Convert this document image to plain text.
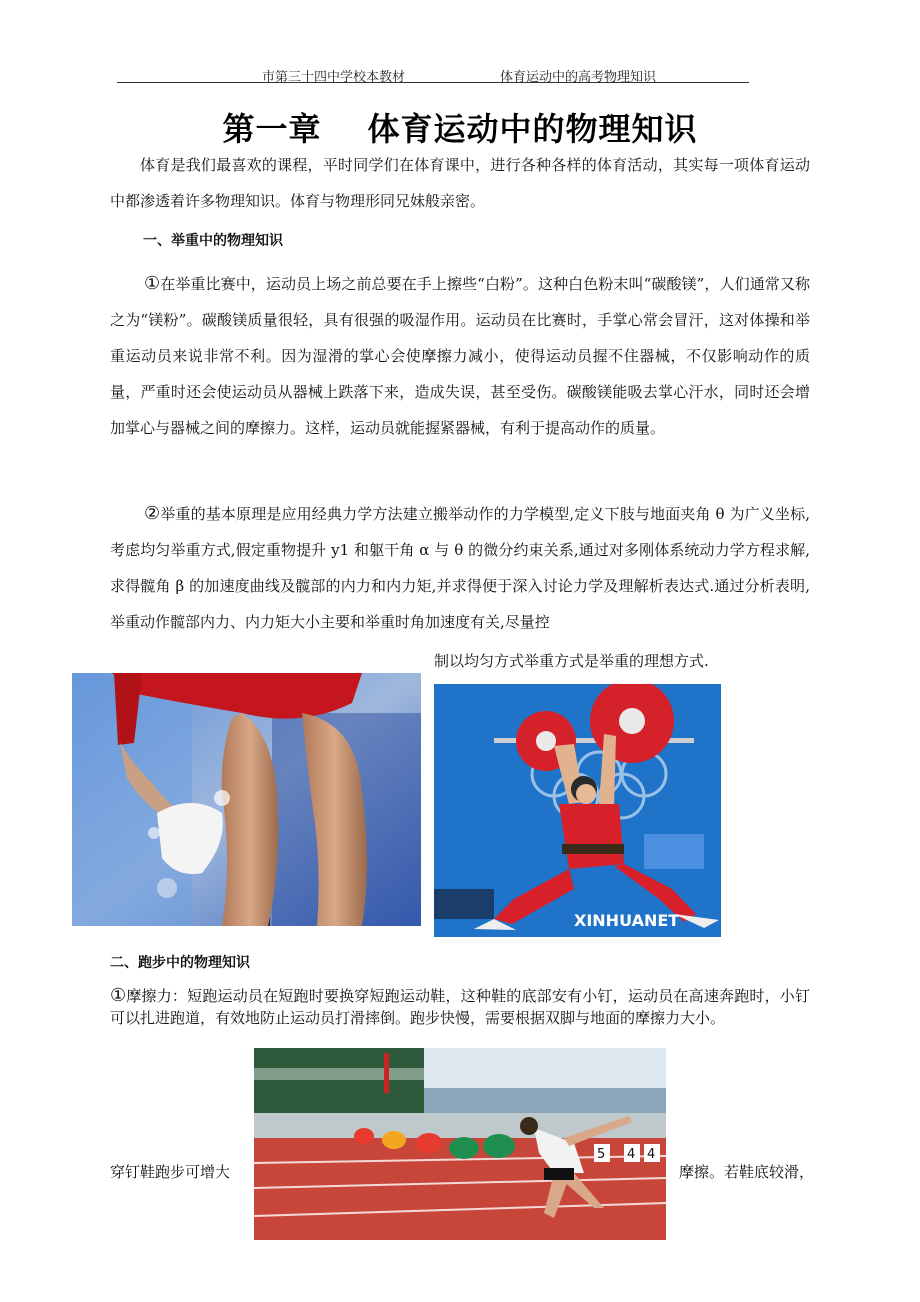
市第三十四中学校本教材	体育运动中的高考物理知识
第一章 体育运动中的物理知识
体育是我们最喜欢的课程，平时同学们在体育课中，进行各种各样的体育活动，其实每一项体育运动中都渗透着许多物理知识。体育与物理形同兄妹般亲密。
一、举重中的物理知识
①在举重比赛中，运动员上场之前总要在手上擦些“白粉”。这种白色粉末叫“碳酸镁”，人们通常又称之为“镁粉”。碳酸镁质量很轻，具有很强的吸湿作用。运动员在比赛时，手掌心常会冒汗，这对体操和举重运动员来说非常不利。因为湿滑的掌心会使摩擦力减小，使得运动员握不住器械，不仅影响动作的质量，严重时还会使运动员从器械上跌落下来，造成失误，甚至受伤。碳酸镁能吸去掌心汗水，同时还会增加掌心与器械之间的摩擦力。这样，运动员就能握紧器械，有利于提高动作的质量。
②举重的基本原理是应用经典力学方法建立搬举动作的力学模型,定义下肢与地面夹角 θ 为广义坐标,考虑均匀举重方式,假定重物提升 y1 和躯干角 α 与 θ 的微分约束关系,通过对多刚体系统动力学方程求解,求得髋角 β 的加速度曲线及髋部的内力和内力矩,并求得便于深入讨论力学及理解析表达式.通过分析表明,举重动作髋部内力、内力矩大小主要和举重时角加速度有关,尽量控
制以均匀方式举重方式是举重的理想方式.
XINHUANET
二、跑步中的物理知识
①摩擦力：短跑运动员在短跑时要换穿短跑运动鞋，这种鞋的底部安有小钉，运动员在高速奔跑时，小钉可以扎进跑道，有效地防止运动员打滑摔倒。跑步快慢，需要根据双脚与地面的摩擦力大小。
5 4 4
穿钉鞋跑步可增大	摩擦。若鞋底较滑，
